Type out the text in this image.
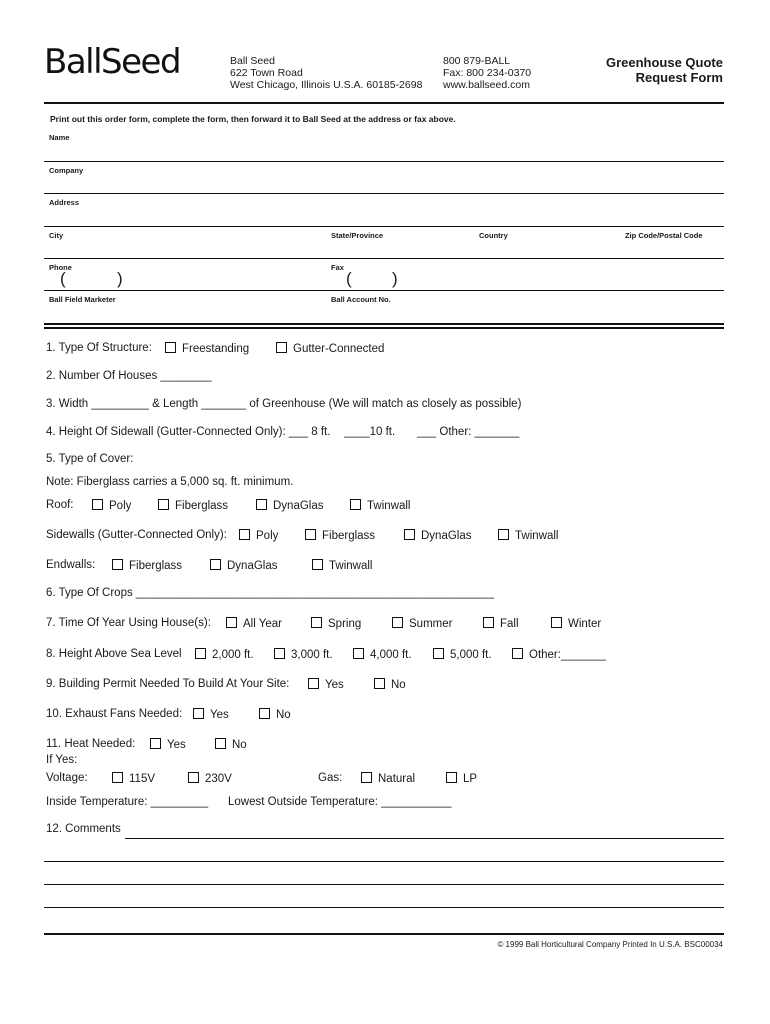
BallSeed	Ball Seed
622 Town Road
West Chicago, Illinois U.S.A. 60185-2698
800 879-BALL
Fax: 800 234-0370
www.ballseed.com
Greenhouse Quote
Request Form
Print out this order form, complete the form, then forward it to Ball Seed at the address or fax above.
Name
Company
Address
City	State/Province	Country	Zip Code/Postal Code
Phone
(	)
Fax
( )
Ball Field Marketer	Ball Account No.
1. Type Of Structure:	Freestanding	Gutter-Connected
2. Number Of Houses ________
3. Width _________ & Length _______ of Greenhouse (We will match as closely as possible)
4. Height Of Sidewall (Gutter-Connected Only): ___ 8 ft. ____10 ft. ___ Other: _______
5. Type of Cover:
Note: Fiberglass carries a 5,000 sq. ft. minimum.
Roof:	Poly	Fiberglass	DynaGlas	Twinwall
Sidewalls (Gutter-Connected Only):	Poly	Fiberglass	DynaGlas	Twinwall
Endwalls:	Fiberglass	DynaGlas	Twinwall
6. Type Of Crops ________________________________________________________
7. Time Of Year Using House(s):	All Year	Spring	Summer	Fall	Winter
8. Height Above Sea Level	2,000 ft.	3,000 ft.	4,000 ft.	5,000 ft.	Other:_______
9. Building Permit Needed To Build At Your Site:	Yes	No
10. Exhaust Fans Needed:	Yes	No
11. Heat Needed:	Yes	No
If Yes:
Voltage:	115V	230V	Gas:	Natural	LP
Inside Temperature: _________ Lowest Outside Temperature: ___________
12. Comments
© 1999 Ball Horticultural Company Printed In U.S.A. BSC00034
